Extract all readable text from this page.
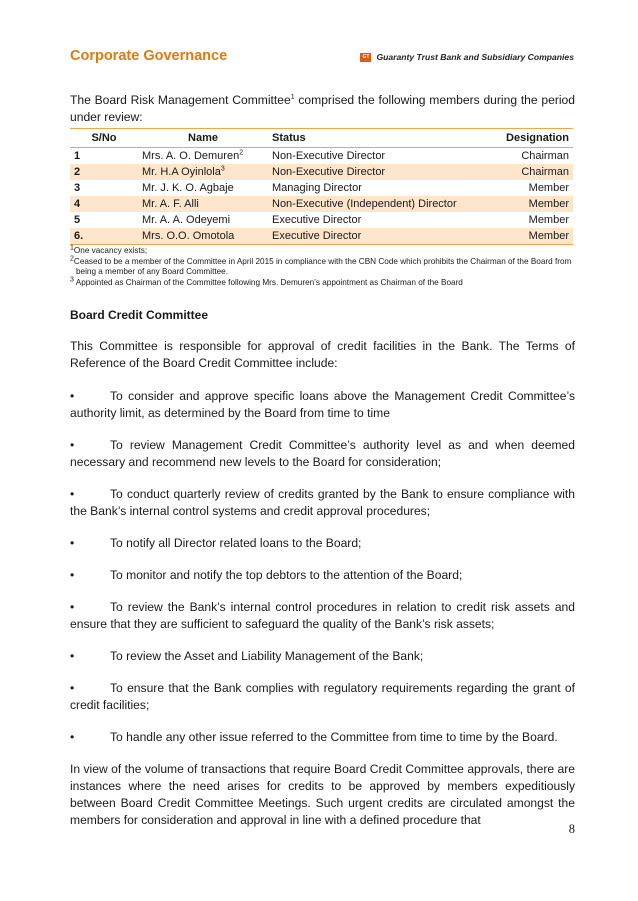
Corporate Governance	GT Guaranty Trust Bank and Subsidiary Companies

The Board Risk Management Committee$^1$ comprised the following members during the period under review:

S/No	Name	Status	Designation
1	Mrs. A. O. Demuren$^2$	Non-Executive Director	Chairman
2	Mr. H.A Oyinlola$^3$	Non-Executive Director	Chairman
3	Mr. J. K. O. Agbaje	Managing Director	Member
4	Mr. A. F. Alli	Non-Executive (Independent) Director	Member
5	Mr. A. A. Odeyemi	Executive Director	Member
6.	Mrs. O.O. Omotola	Executive Director	Member
$^1$One vacancy exists;
$^2$Ceased to be a member of the Committee in April 2015 in compliance with the CBN Code which prohibits the Chairman of the Board from being a member of any Board Committee.
$^3$ Appointed as Chairman of the Committee following Mrs. Demuren’s appointment as Chairman of the Board
Board Credit Committee

This Committee is responsible for approval of credit facilities in the Bank. The Terms of Reference of the Board Credit Committee include:

•	To consider and approve specific loans above the Management Credit Committee’s authority limit, as determined by the Board from time to time
•	To review Management Credit Committee’s authority level as and when deemed necessary and recommend new levels to the Board for consideration;
•	To conduct quarterly review of credits granted by the Bank to ensure compliance with the Bank’s internal control systems and credit approval procedures;
•	To notify all Director related loans to the Board;
•	To monitor and notify the top debtors to the attention of the Board;
•	To review the Bank’s internal control procedures in relation to credit risk assets and ensure that they are sufficient to safeguard the quality of the Bank’s risk assets;
•	To review the Asset and Liability Management of the Bank;
•	To ensure that the Bank complies with regulatory requirements regarding the grant of credit facilities;
•	To handle any other issue referred to the Committee from time to time by the Board.

In view of the volume of transactions that require Board Credit Committee approvals, there are instances where the need arises for credits to be approved by members expeditiously between Board Credit Committee Meetings. Such urgent credits are circulated amongst the members for consideration and approval in line with a defined procedure that

8
